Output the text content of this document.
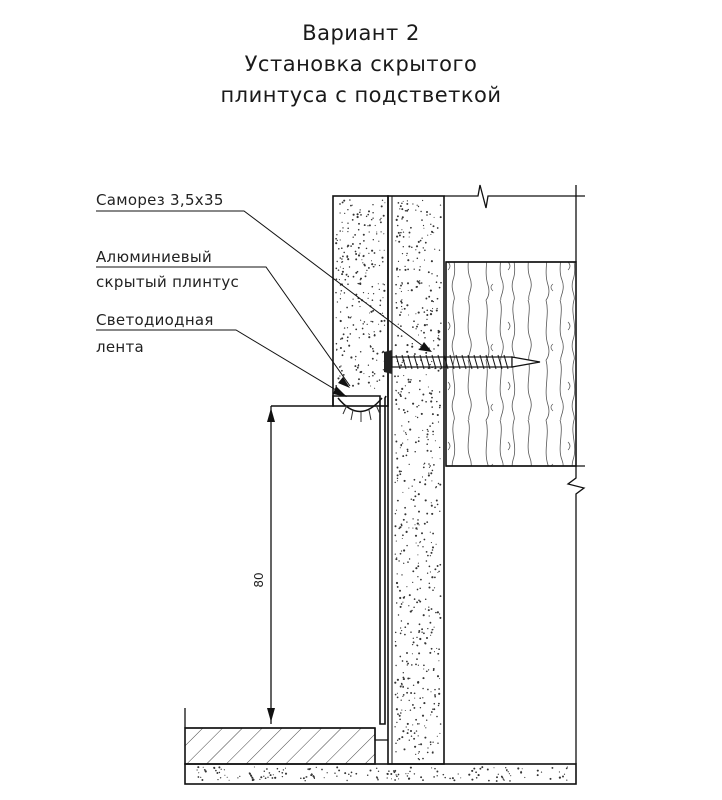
Вариант 2
Установка скрытого
плинтуса с подстветкой
80
Саморез 3,5x35
Алюминиевый
скрытый плинтус
Светодиодная
лента
